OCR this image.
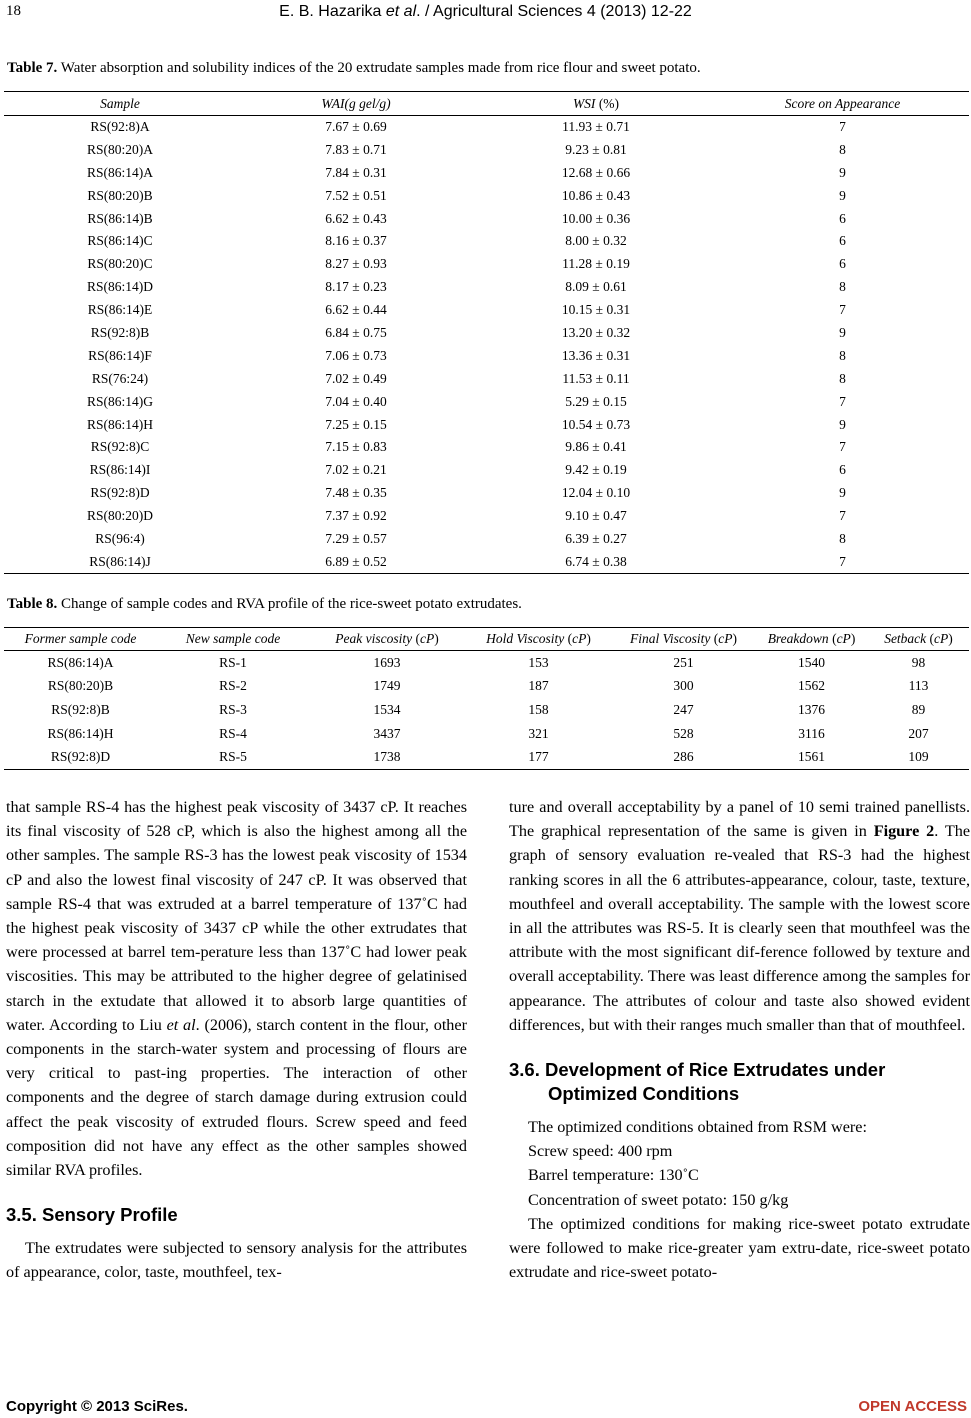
18	E. B. Hazarika et al. / Agricultural Sciences 4 (2013) 12-22
Table 7. Water absorption and solubility indices of the 20 extrudate samples made from rice flour and sweet potato.
Sample	WAI(g gel/g)	WSI (%)	Score on Appearance
RS(92:8)A	7.67 ± 0.69	11.93 ± 0.71	7
RS(80:20)A	7.83 ± 0.71	9.23 ± 0.81	8
RS(86:14)A	7.84 ± 0.31	12.68 ± 0.66	9
RS(80:20)B	7.52 ± 0.51	10.86 ± 0.43	9
RS(86:14)B	6.62 ± 0.43	10.00 ± 0.36	6
RS(86:14)C	8.16 ± 0.37	8.00 ± 0.32	6
RS(80:20)C	8.27 ± 0.93	11.28 ± 0.19	6
RS(86:14)D	8.17 ± 0.23	8.09 ± 0.61	8
RS(86:14)E	6.62 ± 0.44	10.15 ± 0.31	7
RS(92:8)B	6.84 ± 0.75	13.20 ± 0.32	9
RS(86:14)F	7.06 ± 0.73	13.36 ± 0.31	8
RS(76:24)	7.02 ± 0.49	11.53 ± 0.11	8
RS(86:14)G	7.04 ± 0.40	5.29 ± 0.15	7
RS(86:14)H	7.25 ± 0.15	10.54 ± 0.73	9
RS(92:8)C	7.15 ± 0.83	9.86 ± 0.41	7
RS(86:14)I	7.02 ± 0.21	9.42 ± 0.19	6
RS(92:8)D	7.48 ± 0.35	12.04 ± 0.10	9
RS(80:20)D	7.37 ± 0.92	9.10 ± 0.47	7
RS(96:4)	7.29 ± 0.57	6.39 ± 0.27	8
RS(86:14)J	6.89 ± 0.52	6.74 ± 0.38	7
Table 8. Change of sample codes and RVA profile of the rice-sweet potato extrudates.
Former sample code	New sample code	Peak viscosity (cP)	Hold Viscosity (cP)	Final Viscosity (cP)	Breakdown (cP)	Setback (cP)
RS(86:14)A	RS-1	1693	153	251	1540	98
RS(80:20)B	RS-2	1749	187	300	1562	113
RS(92:8)B	RS-3	1534	158	247	1376	89
RS(86:14)H	RS-4	3437	321	528	3116	207
RS(92:8)D	RS-5	1738	177	286	1561	109

that sample RS-4 has the highest peak viscosity of 3437 cP. It reaches its final viscosity of 528 cP, which is also the highest among all the other samples. The sample RS-3 has the lowest peak viscosity of 1534 cP and also the lowest final viscosity of 247 cP. It was observed that sample RS-4 that was extruded at a barrel temperature of 137˚C had the highest peak viscosity of 3437 cP while the other extrudates that were processed at barrel tem-perature less than 137˚C had lower peak viscosities. This may be attributed to the higher degree of gelatinised starch in the extudate that allowed it to absorb large quantities of water. According to Liu et al. (2006), starch content in the flour, other components in the starch-water system and processing of flours are very critical to past-ing properties. The interaction of other components and the degree of starch damage during extrusion could affect the peak viscosity of extruded flours. Screw speed and feed composition did not have any effect as the other samples showed similar RVA profiles.

3.5. Sensory Profile

The extrudates were subjected to sensory analysis for the attributes of appearance, color, taste, mouthfeel, tex-

ture and overall acceptability by a panel of 10 semi trained panellists. The graphical representation of the same is given in Figure 2. The graph of sensory evaluation re-vealed that RS-3 had the highest ranking scores in all the 6 attributes-appearance, colour, taste, texture, mouthfeel and overall acceptability. The sample with the lowest score in all the attributes was RS-5. It is clearly seen that mouthfeel was the attribute with the most significant dif-ference followed by texture and overall acceptability. There was least difference among the samples for appearance. The attributes of colour and taste also showed evident differences, but with their ranges much smaller than that of mouthfeel.

3.6. Development of Rice Extrudates under Optimized Conditions

The optimized conditions obtained from RSM were:

Screw speed: 400 rpm

Barrel temperature: 130˚C

Concentration of sweet potato: 150 g/kg

The optimized conditions for making rice-sweet potato extrudate were followed to make rice-greater yam extru-date, rice-sweet potato extrudate and rice-sweet potato-

Copyright © 2013 SciRes.	OPEN ACCESS
